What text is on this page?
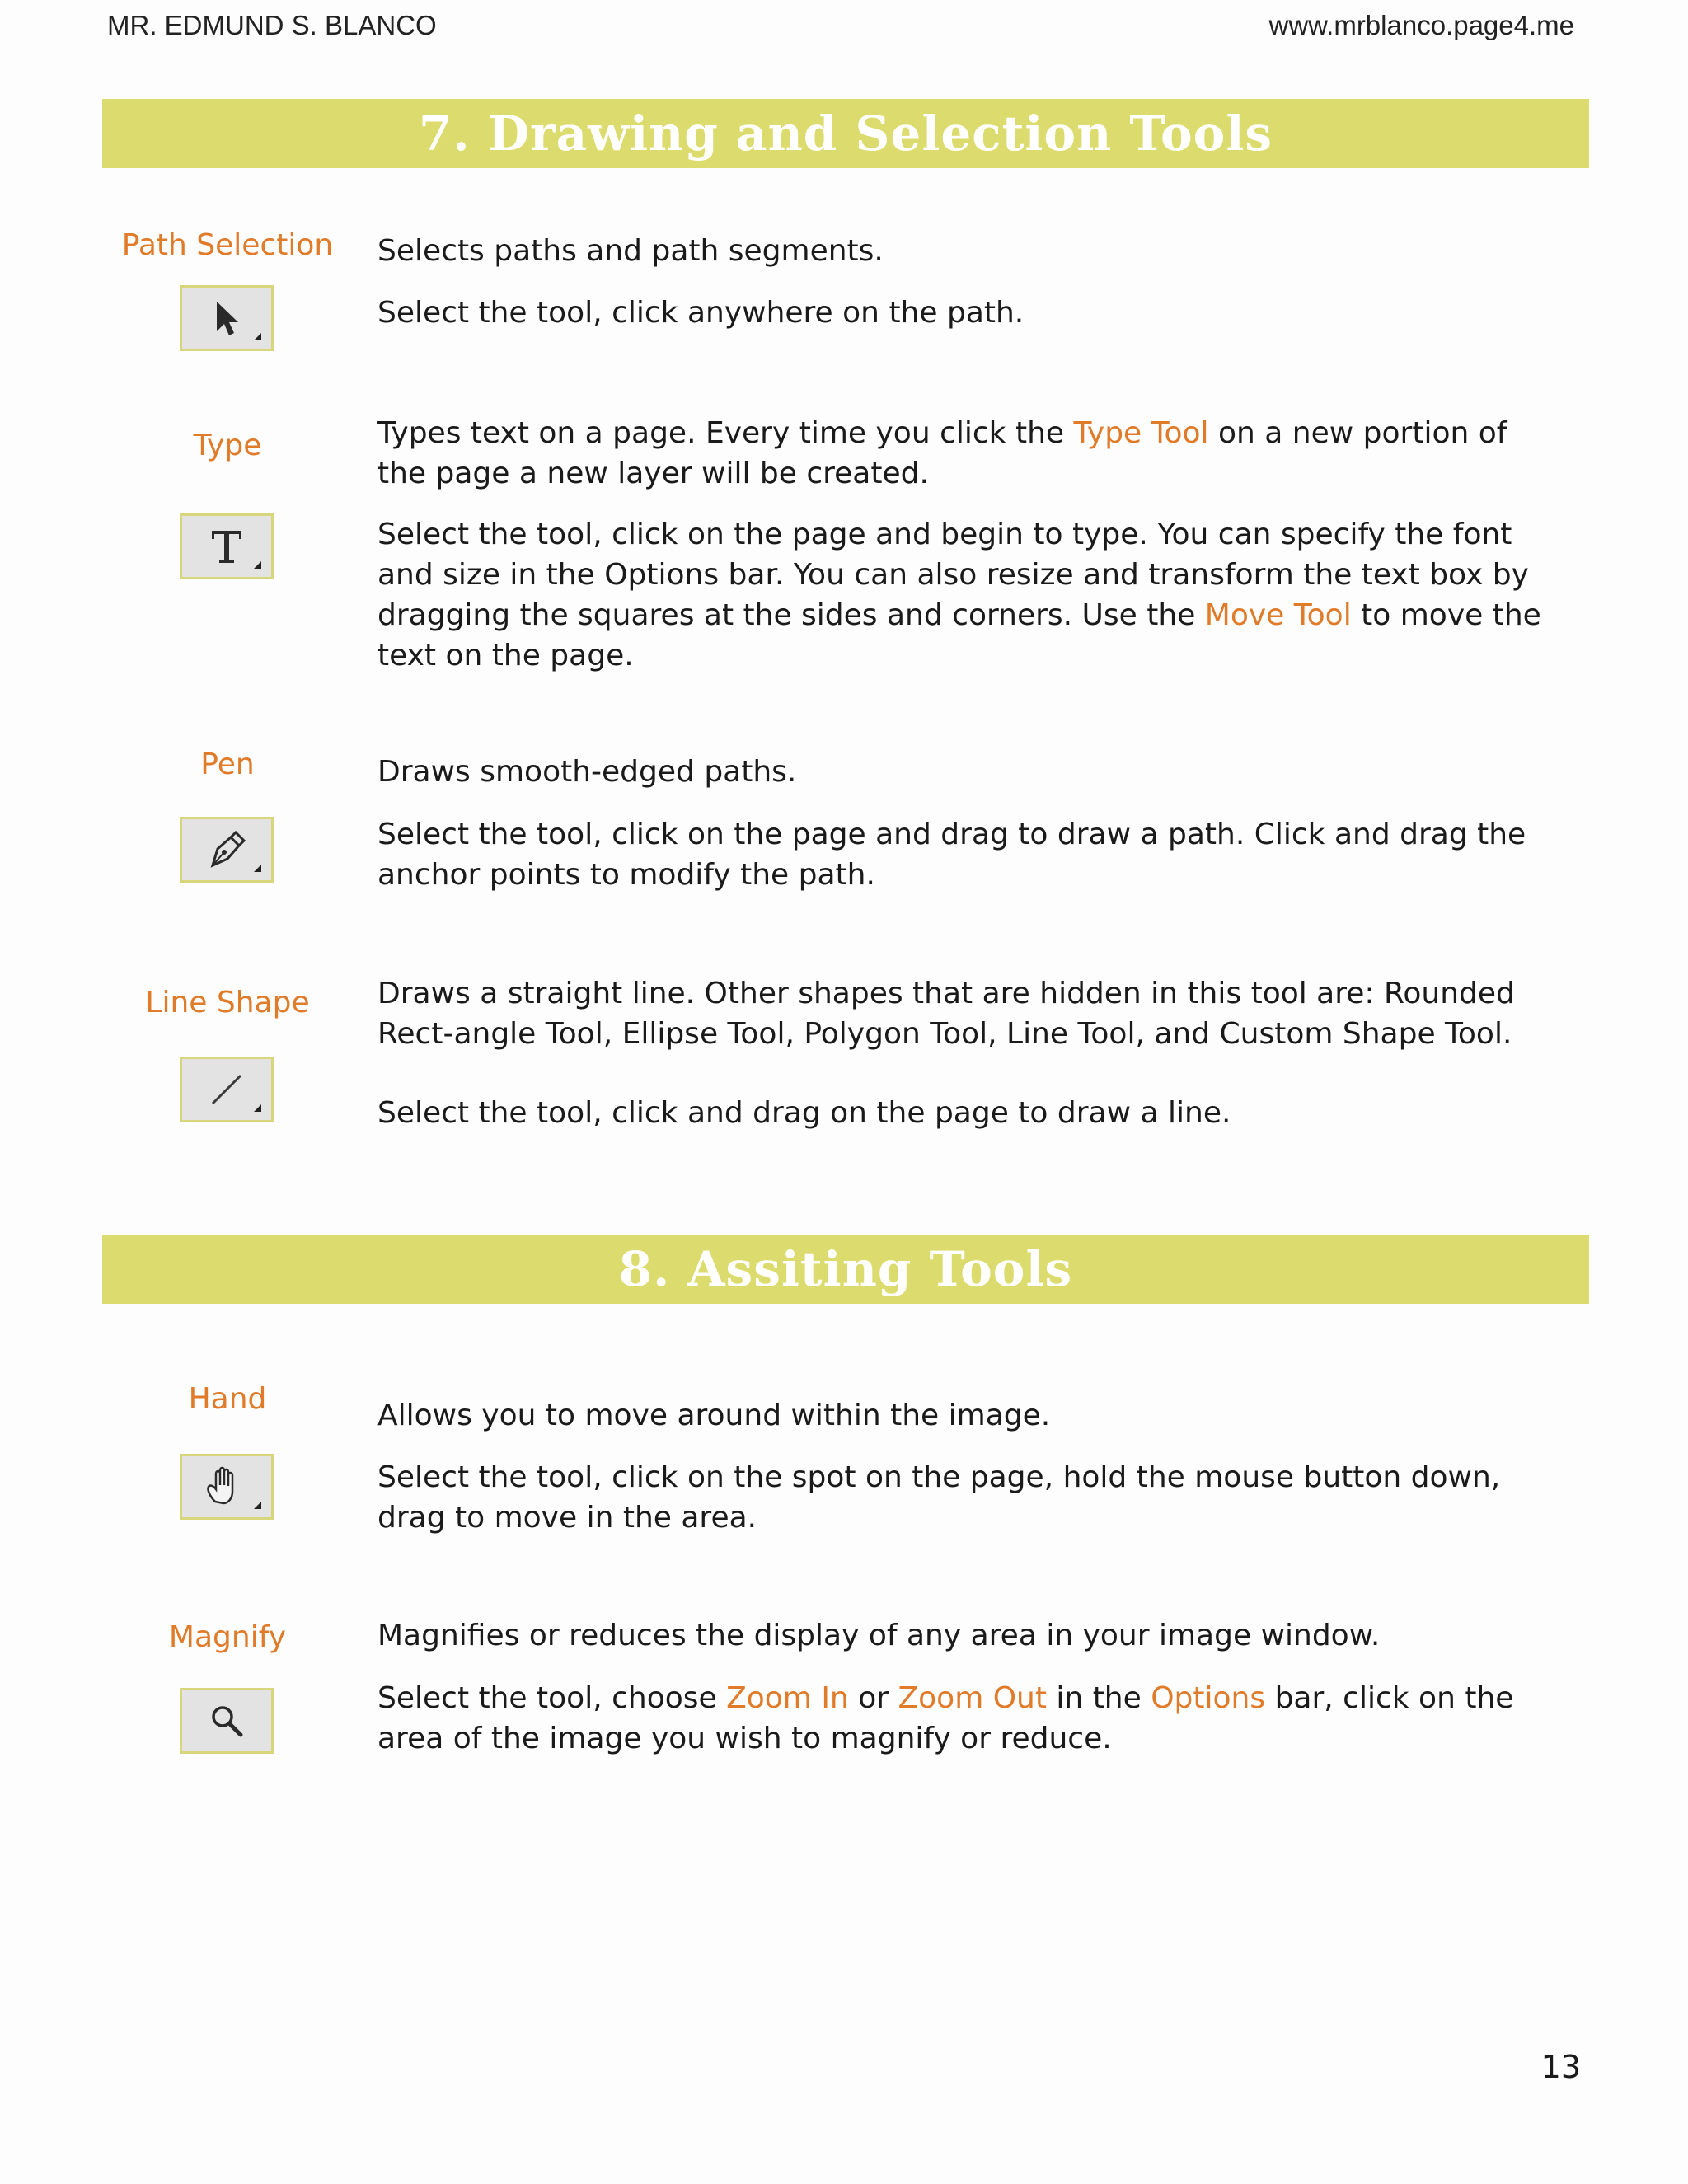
MR. EDMUND S. BLANCO	www.mrblanco.page4.me
7. Drawing and Selection Tools
Path Selection	Selects paths and path segments.
Select the tool, click anywhere on the path.
Type	Types text on a page. Every time you click the Type Tool on a new portion of the page a new layer will be created.
Select the tool, click on the page and begin to type. You can specify the font and size in the Options bar. You can also resize and transform the text box by dragging the squares at the sides and corners. Use the Move Tool to move the text on the page.
Pen	Draws smooth-edged paths.
Select the tool, click on the page and drag to draw a path. Click and drag the anchor points to modify the path.
Line Shape	Draws a straight line. Other shapes that are hidden in this tool are: Rounded Rect-angle Tool, Ellipse Tool, Polygon Tool, Line Tool, and Custom Shape Tool.
Select the tool, click and drag on the page to draw a line.
8. Assiting Tools
Hand	Allows you to move around within the image.
Select the tool, click on the spot on the page, hold the mouse button down, drag to move in the area.
Magnify	Magnifies or reduces the display of any area in your image window.
Select the tool, choose Zoom In or Zoom Out in the Options bar, click on the area of the image you wish to magnify or reduce.
13
